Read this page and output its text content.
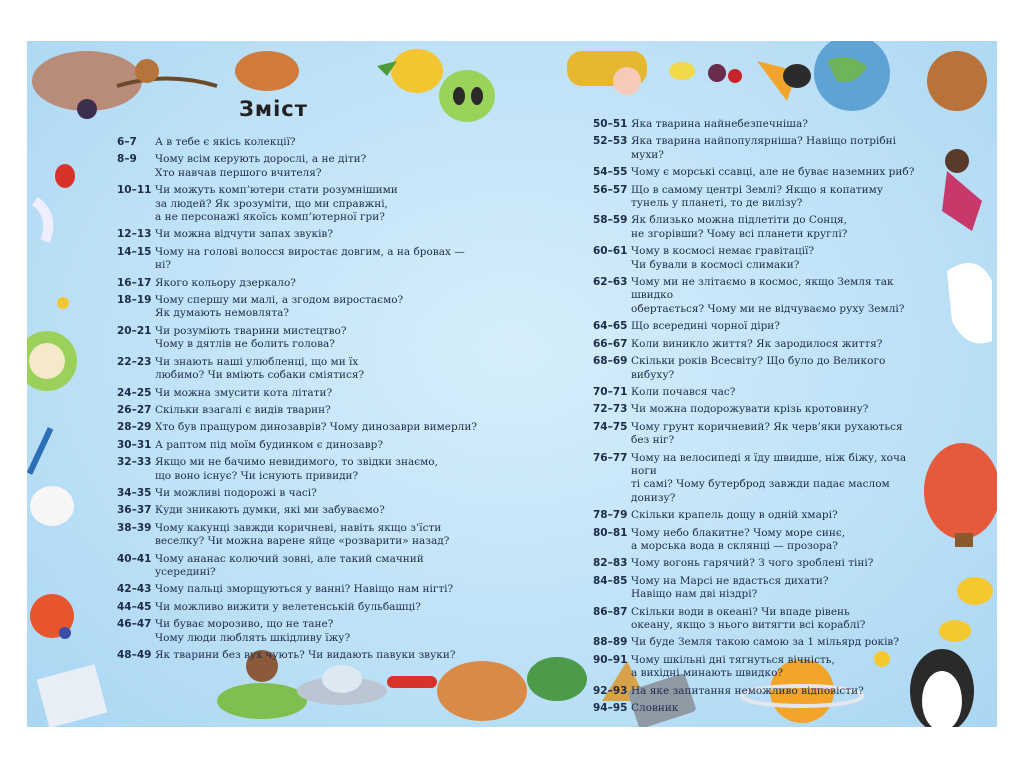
Зміст
6–7	А в тебе є якісь колекції?
8–9	Чому всім керують дорослі, а не діти?
Хто навчав першого вчителя?
10–11 Чи можуть комп’ютери стати розумнішими
за людей? Як зрозуміти, що ми справжні,
а не персонажі якоїсь комп’ютерної гри?
12–13 Чи можна відчути запах звуків?
14–15 Чому на голові волосся виростає довгим, а на бровах — ні?
16–17 Якого кольору дзеркало?
18–19 Чому спершу ми малі, а згодом виростаємо?
Як думають немовлята?
20–21 Чи розуміють тварини мистецтво?
Чому в дятлів не болить голова?
22–23 Чи знають наші улюбленці, що ми їх
любимо? Чи вміють собаки сміятися?
24–25 Чи можна змусити кота літати?
26–27 Скільки взагалі є видів тварин?
28–29 Хто був пращуром динозаврів? Чому динозаври вимерли?
30–31 А раптом під моїм будинком є динозавр?
32–33 Якщо ми не бачимо невидимого, то звідки знаємо,
що воно існує? Чи існують привиди?
34–35 Чи можливі подорожі в часі?
36–37 Куди зникають думки, які ми забуваємо?
38–39 Чому какунці завжди коричневі, навіть якщо з’їсти
веселку? Чи можна варене яйце «розварити» назад?
40–41 Чому ананас колючий зовні, але такий смачний усередині?
42–43 Чому пальці зморщуються у ванні? Навіщо нам нігті?
44–45 Чи можливо вижити у велетенській бульбашці?
46–47 Чи буває морозиво, що не тане?
Чому люди люблять шкідливу їжу?
48–49 Як тварини без вух чують? Чи видають павуки звуки?
50–51 Яка тварина найнебезпечніша?
52–53 Яка тварина найпопулярніша? Навіщо потрібні мухи?
54–55 Чому є морські ссавці, але не буває наземних риб?
56–57 Що в самому центрі Землі? Якщо я копатиму
тунель у планеті, то де вилізу?
58–59 Як близько можна підлетіти до Сонця,
не згорівши? Чому всі планети круглі?
60–61 Чому в космосі немає гравітації?
Чи бували в космосі слимаки?
62–63 Чому ми не злітаємо в космос, якщо Земля так швидко
обертається? Чому ми не відчуваємо руху Землі?
64–65 Що всередині чорної діри?
66–67 Коли виникло життя? Як зародилося життя?
68–69 Скільки років Всесвіту? Що було до Великого вибуху?
70–71 Коли почався час?
72–73 Чи можна подорожувати крізь кротовину?
74–75 Чому грунт коричневий? Як черв’яки рухаються без ніг?
76–77 Чому на велосипеді я їду швидше, ніж біжу, хоча ноги
ті самі? Чому бутерброд завжди падає маслом донизу?
78–79 Скільки крапель дощу в одній хмарі?
80–81 Чому небо блакитне? Чому море синє,
а морська вода в склянці — прозора?
82–83 Чому вогонь гарячий? З чого зроблені тіні?
84–85 Чому на Марсі не вдасться дихати?
Навіщо нам дві ніздрі?
86–87 Скільки води в океані? Чи впаде рівень
океану, якщо з нього витягти всі кораблі?
88–89 Чи буде Земля такою самою за 1 мільярд років?
90–91 Чому шкільні дні тягнуться вічність,
а вихідні минають швидко?
92–93 На яке запитання неможливо відповісти?
94–95 Словник
